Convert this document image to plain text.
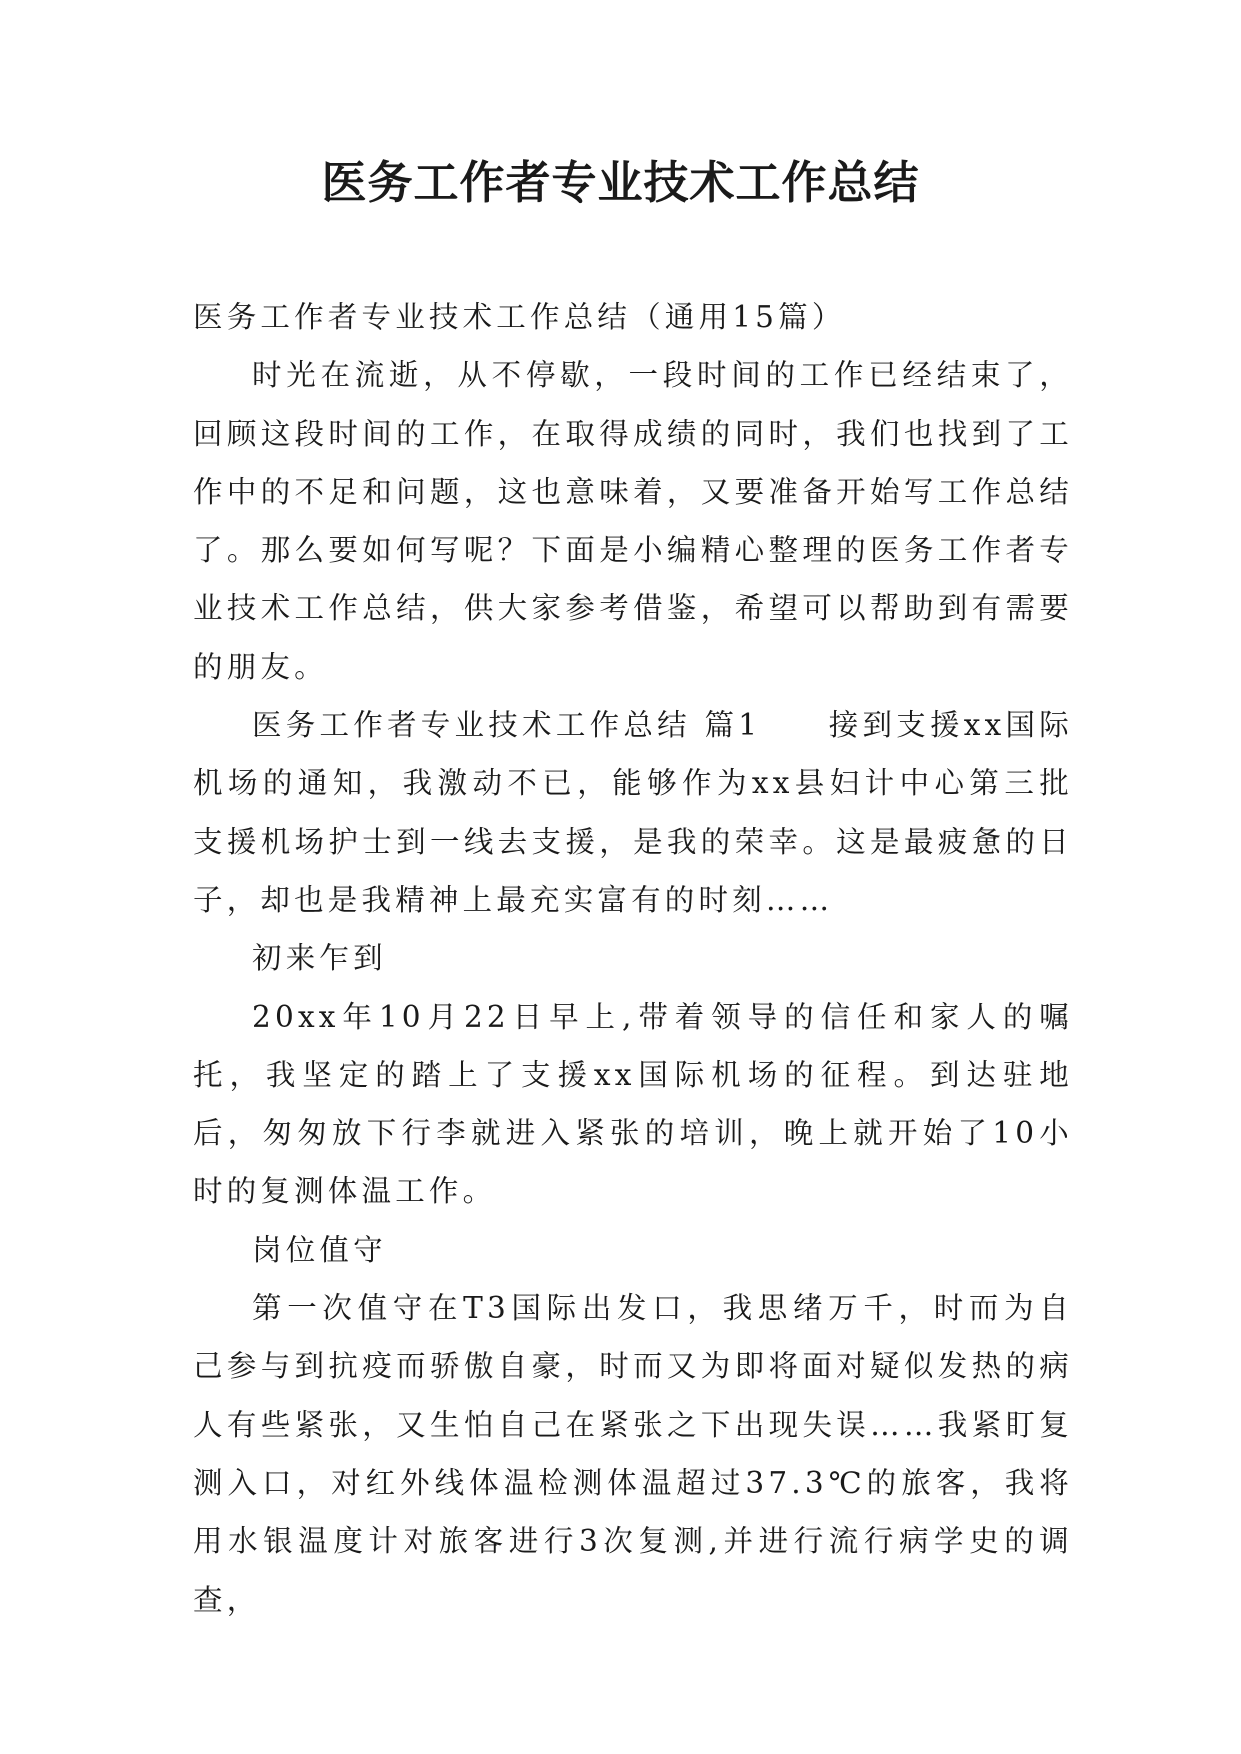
医务工作者专业技术工作总结

医务工作者专业技术工作总结（通用15篇）

时光在流逝，从不停歇，一段时间的工作已经结束了，回顾这段时间的工作，在取得成绩的同时，我们也找到了工作中的不足和问题，这也意味着，又要准备开始写工作总结了。那么要如何写呢？下面是小编精心整理的医务工作者专业技术工作总结，供大家参考借鉴，希望可以帮助到有需要的朋友。

医务工作者专业技术工作总结 篇1　　接到支援xx国际机场的通知，我激动不已，能够作为xx县妇计中心第三批支援机场护士到一线去支援，是我的荣幸。这是最疲惫的日子，却也是我精神上最充实富有的时刻……

初来乍到

20xx年10月22日早上,带着领导的信任和家人的嘱托，我坚定的踏上了支援xx国际机场的征程。到达驻地后，匆匆放下行李就进入紧张的培训，晚上就开始了10小时的复测体温工作。

岗位值守

第一次值守在T3国际出发口，我思绪万千，时而为自己参与到抗疫而骄傲自豪，时而又为即将面对疑似发热的病人有些紧张，又生怕自己在紧张之下出现失误……我紧盯复测入口，对红外线体温检测体温超过37.3℃的旅客，我将用水银温度计对旅客进行3次复测,并进行流行病学史的调查，
